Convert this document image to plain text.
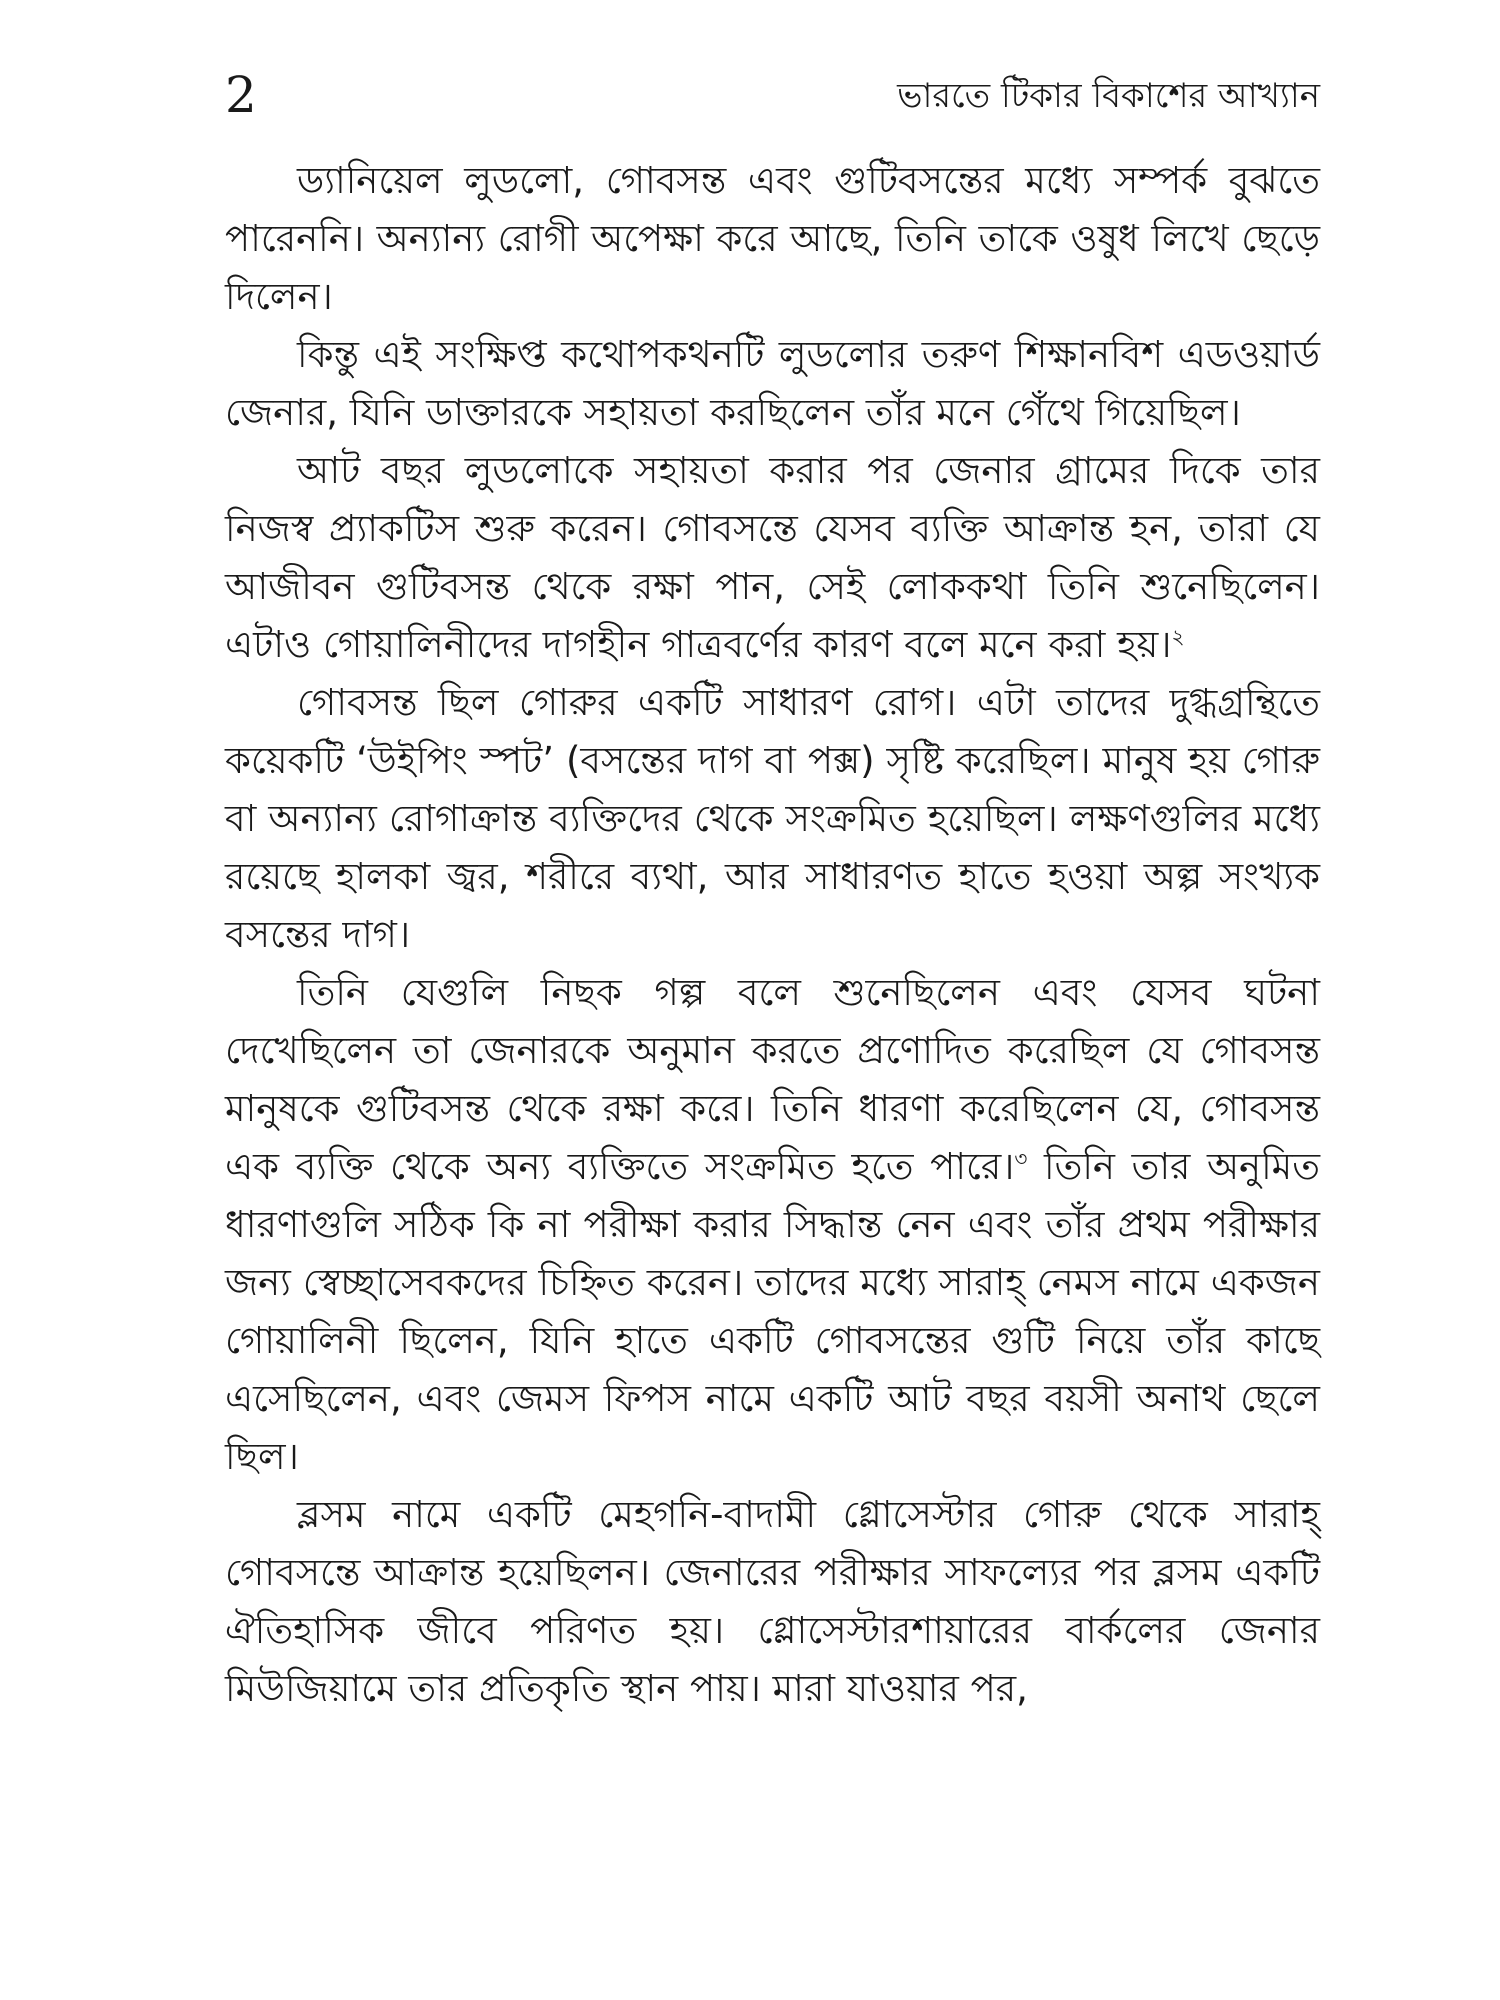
2	ভারতে টিকার বিকাশের আখ্যান

ড্যানিয়েল লুডলো, গোবসন্ত এবং গুটিবসন্তের মধ্যে সম্পর্ক বুঝতে পারেননি। অন্যান্য রোগী অপেক্ষা করে আছে, তিনি তাকে ওষুধ লিখে ছেড়ে দিলেন।

কিন্তু এই সংক্ষিপ্ত কথোপকথনটি লুডলোর তরুণ শিক্ষানবিশ এডওয়ার্ড জেনার, যিনি ডাক্তারকে সহায়তা করছিলেন তাঁর মনে গেঁথে গিয়েছিল।

আট বছর লুডলোকে সহায়তা করার পর জেনার গ্রামের দিকে তার নিজস্ব প্র্যাকটিস শুরু করেন। গোবসন্তে যেসব ব্যক্তি আক্রান্ত হন, তারা যে আজীবন গুটিবসন্ত থেকে রক্ষা পান, সেই লোককথা তিনি শুনেছিলেন। এটাও গোয়ালিনীদের দাগহীন গাত্রবর্ণের কারণ বলে মনে করা হয়।$^২$

গোবসন্ত ছিল গোরুর একটি সাধারণ রোগ। এটা তাদের দুগ্ধগ্রন্থিতে কয়েকটি ‘উইপিং স্পট’ (বসন্তের দাগ বা পক্স) সৃষ্টি করেছিল। মানুষ হয় গোরু বা অন্যান্য রোগাক্রান্ত ব্যক্তিদের থেকে সংক্রমিত হয়েছিল। লক্ষণগুলির মধ্যে রয়েছে হালকা জ্বর, শরীরে ব্যথা, আর সাধারণত হাতে হওয়া অল্প সংখ্যক বসন্তের দাগ।

তিনি যেগুলি নিছক গল্প বলে শুনেছিলেন এবং যেসব ঘটনা দেখেছিলেন তা জেনারকে অনুমান করতে প্রণোদিত করেছিল যে গোবসন্ত মানুষকে গুটিবসন্ত থেকে রক্ষা করে। তিনি ধারণা করেছিলেন যে, গোবসন্ত এক ব্যক্তি থেকে অন্য ব্যক্তিতে সংক্রমিত হতে পারে।$^৩$ তিনি তার অনুমিত ধারণাগুলি সঠিক কি না পরীক্ষা করার সিদ্ধান্ত নেন এবং তাঁর প্রথম পরীক্ষার জন্য স্বেচ্ছাসেবকদের চিহ্নিত করেন। তাদের মধ্যে সারাহ্ নেমস নামে একজন গোয়ালিনী ছিলেন, যিনি হাতে একটি গোবসন্তের গুটি নিয়ে তাঁর কাছে এসেছিলেন, এবং জেমস ফিপস নামে একটি আট বছর বয়সী অনাথ ছেলে ছিল।

ব্লসম নামে একটি মেহগনি-বাদামী গ্লোসেস্টার গোরু থেকে সারাহ্ গোবসন্তে আক্রান্ত হয়েছিলন। জেনারের পরীক্ষার সাফল্যের পর ব্লসম একটি ঐতিহাসিক জীবে পরিণত হয়। গ্লোসেস্টারশায়ারের বার্কলের জেনার মিউজিয়ামে তার প্রতিকৃতি স্থান পায়। মারা যাওয়ার পর,
